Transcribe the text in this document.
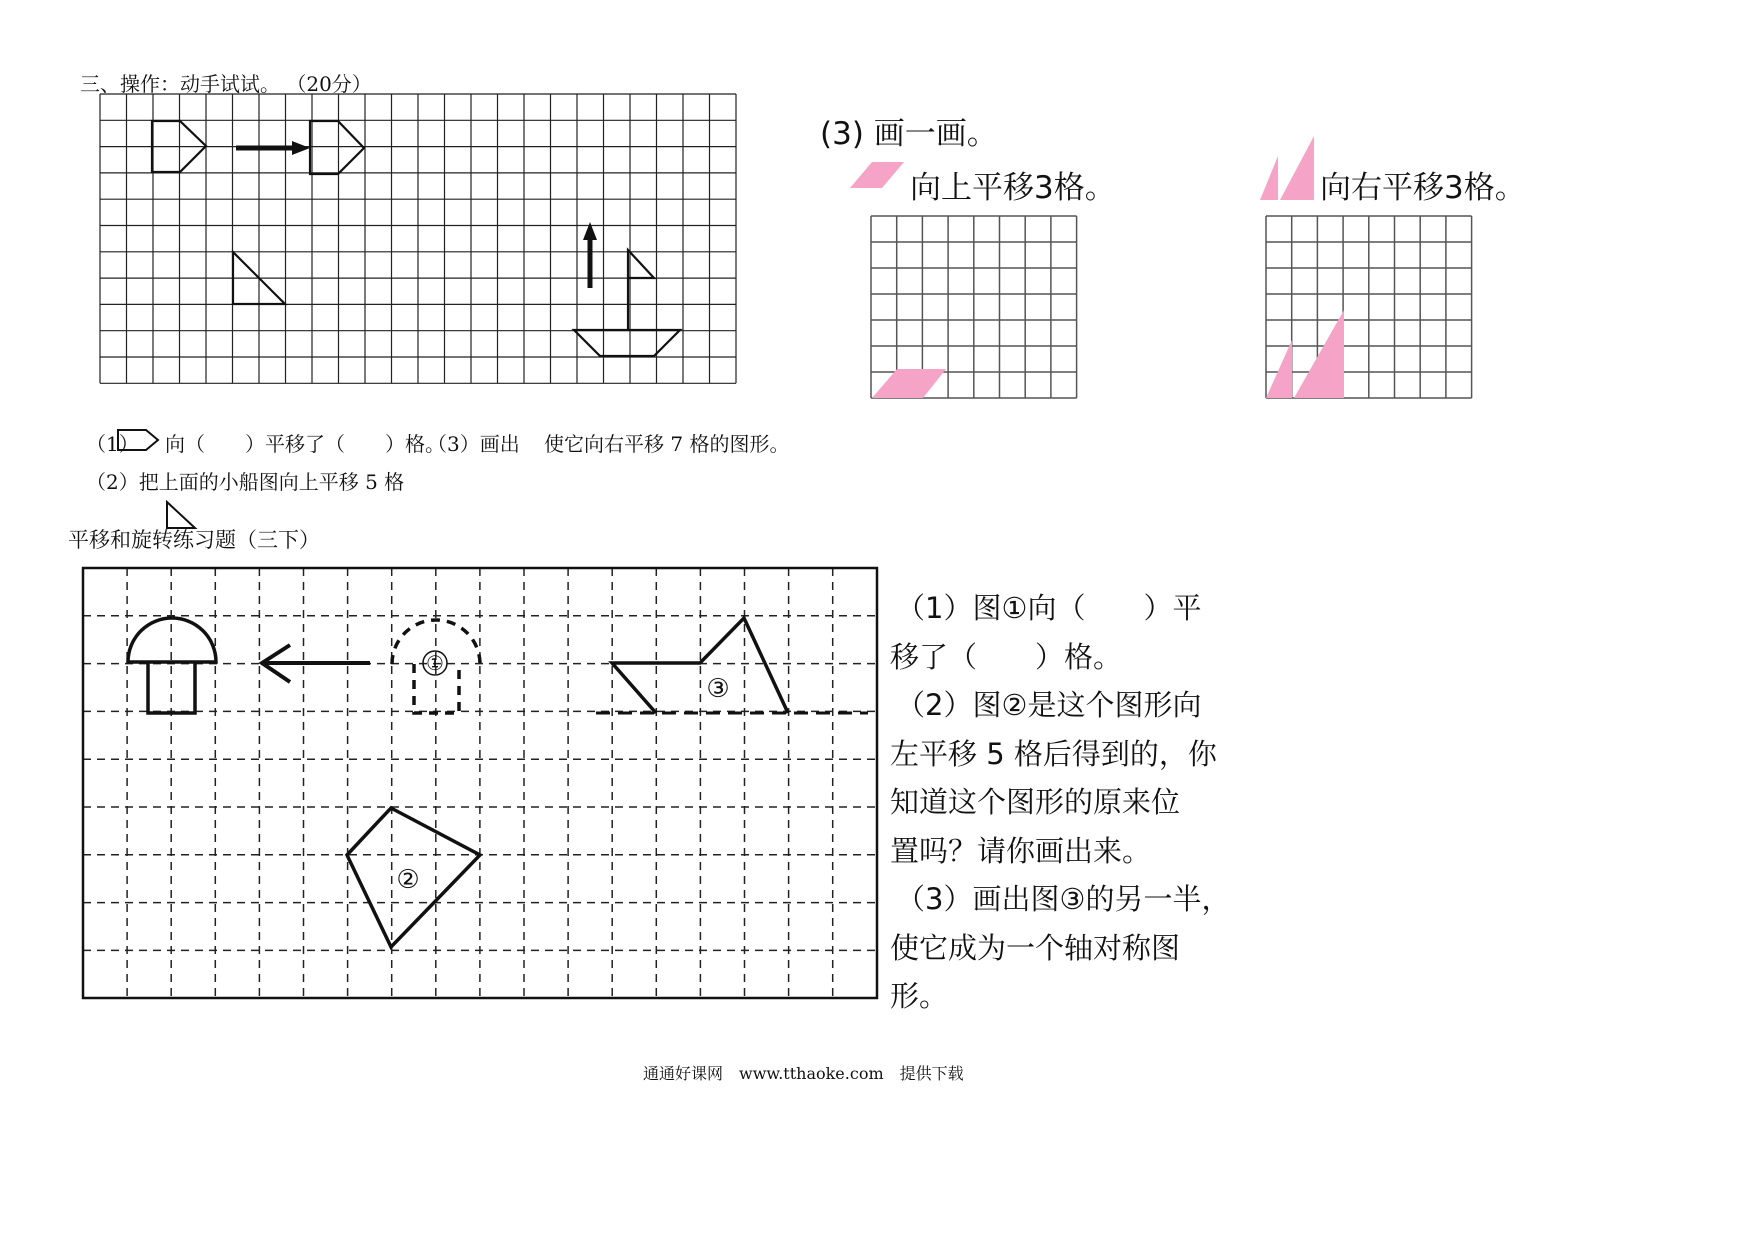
三、操作：动手试试。 （20分）
（1） 向（　　）平移了（　　）格。
（3）画出 使它向右平移 7 格的图形。
（2）把上面的小船图向上平移 5 格
(3) 画一画。
向上平移3格。	向右平移3格。
平移和旋转练习题（三下）
①
③
②
（1）图①向（　　）平
移了（　　）格。
（2）图②是这个图形向
左平移 5 格后得到的，你
知道这个图形的原来位
置吗？请你画出来。
（3）画出图③的另一半，
使它成为一个轴对称图
形。
通通好课网　www.tthaoke.com　提供下载
